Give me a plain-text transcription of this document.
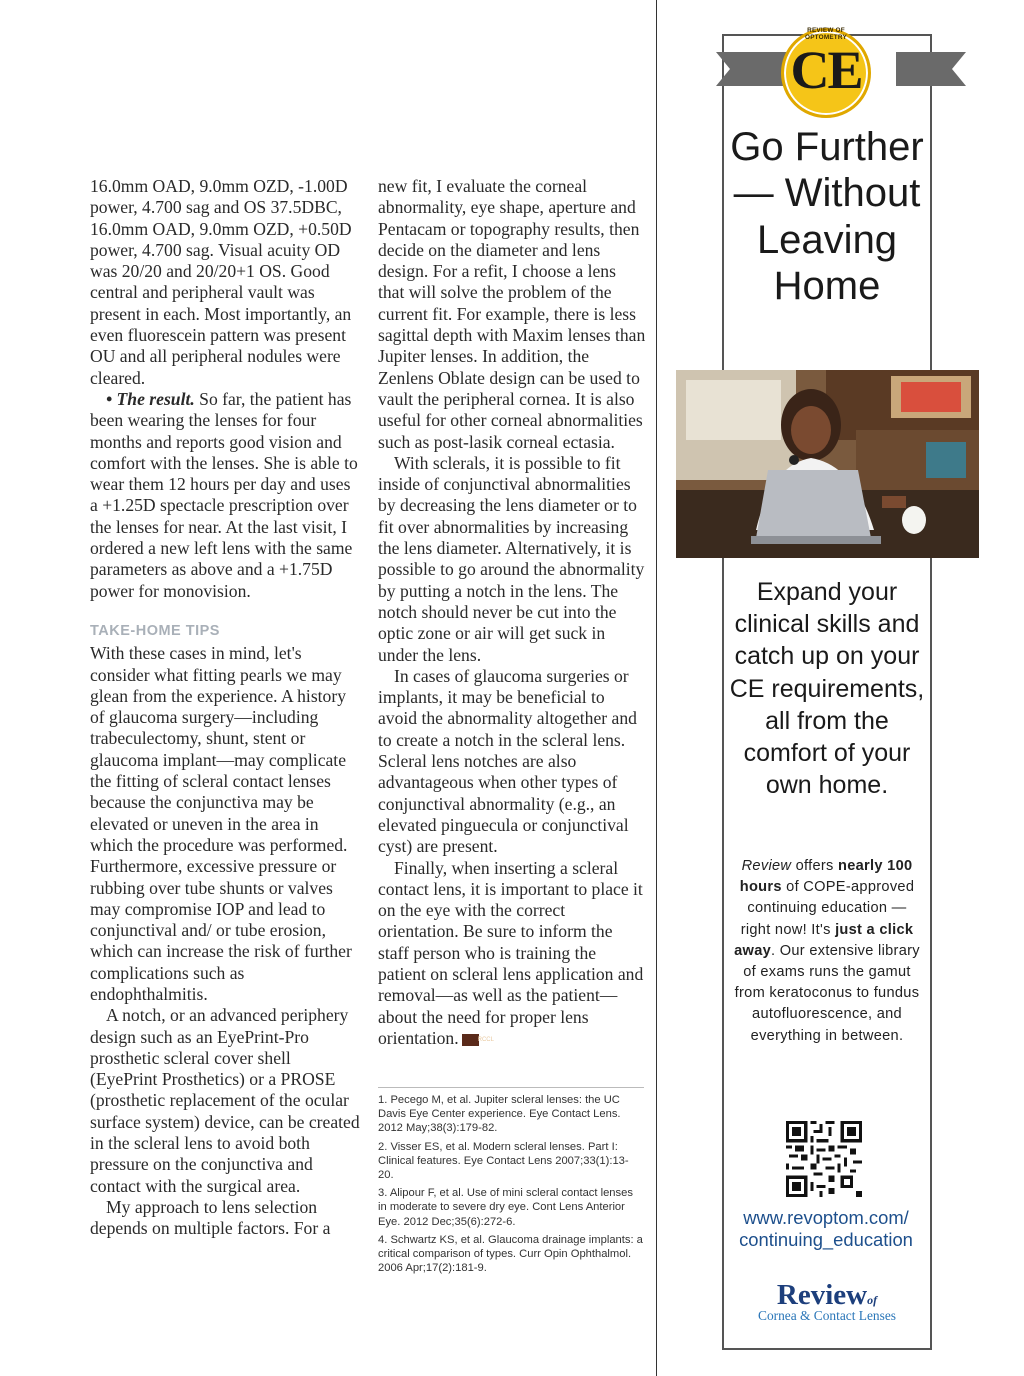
16.0mm OAD, 9.0mm OZD, -1.00D power, 4.700 sag and OS 37.5DBC, 16.0mm OAD, 9.0mm OZD, +0.50D power, 4.700 sag. Visual acuity OD was 20/20 and 20/20+1 OS. Good central and peripheral vault was present in each. Most importantly, an even fluorescein pattern was present OU and all peripheral nodules were cleared.

• The result. So far, the patient has been wearing the lenses for four months and reports good vision and comfort with the lenses. She is able to wear them 12 hours per day and uses a +1.25D spectacle prescription over the lenses for near. At the last visit, I ordered a new left lens with the same parameters as above and a +1.75D power for monovision.

TAKE-HOME TIPS

With these cases in mind, let's consider what fitting pearls we may glean from the experience. A history of glaucoma surgery—including trabeculectomy, shunt, stent or glaucoma implant—may complicate the fitting of scleral contact lenses because the conjunctiva may be elevated or uneven in the area in which the procedure was performed. Furthermore, excessive pressure or rubbing over tube shunts or valves may compromise IOP and lead to conjunctival and/ or tube erosion, which can increase the risk of further complications such as endophthalmitis.

A notch, or an advanced periphery design such as an EyePrint-Pro prosthetic scleral cover shell (EyePrint Prosthetics) or a PROSE (prosthetic replacement of the ocular surface system) device, can be created in the scleral lens to avoid both pressure on the conjunctiva and contact with the surgical area.

My approach to lens selection depends on multiple factors. For a

new fit, I evaluate the corneal abnormality, eye shape, aperture and Pentacam or topography results, then decide on the diameter and lens design. For a refit, I choose a lens that will solve the problem of the current fit. For example, there is less sagittal depth with Maxim lenses than Jupiter lenses. In addition, the Zenlens Oblate design can be used to vault the peripheral cornea. It is also useful for other corneal abnormalities such as post-lasik corneal ectasia.

With sclerals, it is possible to fit inside of conjunctival abnormalities by decreasing the lens diameter or to fit over abnormalities by increasing the lens diameter. Alternatively, it is possible to go around the abnormality by putting a notch in the lens. The notch should never be cut into the optic zone or air will get suck in under the lens.

In cases of glaucoma surgeries or implants, it may be beneficial to avoid the abnormality altogether and to create a notch in the scleral lens. Scleral lens notches are also advantageous when other types of conjunctival abnormality (e.g., an elevated pinguecula or conjunctival cyst) are present.

Finally, when inserting a scleral contact lens, it is important to place it on the eye with the correct orientation. Be sure to inform the staff person who is training the patient on scleral lens application and removal—as well as the patient—about the need for proper lens orientation.	RCCL

1. Pecego M, et al. Jupiter scleral lenses: the UC Davis Eye Center experience. Eye Contact Lens. 2012 May;38(3):179-82.

2. Visser ES, et al. Modern scleral lenses. Part I: Clinical features. Eye Contact Lens 2007;33(1):13-20.

3. Alipour F, et al. Use of mini scleral contact lenses in moderate to severe dry eye. Cont Lens Anterior Eye. 2012 Dec;35(6):272-6.

4. Schwartz KS, et al. Glaucoma drainage implants: a critical comparison of types. Curr Opin Ophthalmol. 2006 Apr;17(2):181-9.

REVIEW OF OPTOMETRY
CE
Go Further— Without Leaving Home
Expand your clinical skills and catch up on your CE requirements, all from the comfort of your own home.
Review offers nearly 100 hours of COPE-approved continuing education — right now! It's just a click away. Our extensive library of exams runs the gamut from keratoconus to fundus autofluorescence, and everything in between.
www.revoptom.com/ continuing_education
Reviewof
Cornea & Contact Lenses
